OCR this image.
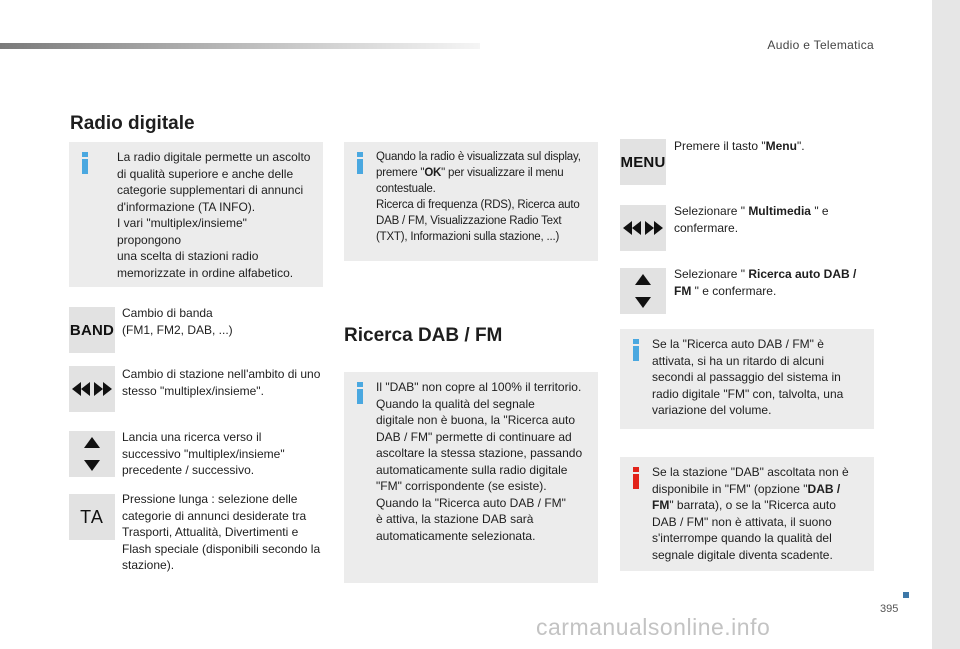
Audio e Telematica
Radio digitale
Ricerca DAB / FM
La radio digitale permette un ascolto
di qualità superiore e anche delle
categorie supplementari di annunci
d'informazione (TA INFO).
I vari "multiplex/insieme" propongono
una scelta di stazioni radio
memorizzate in ordine alfabetico.
Quando la radio è visualizzata sul display,
premere "OK" per visualizzare il menu
contestuale.
Ricerca di frequenza (RDS), Ricerca auto
DAB / FM, Visualizzazione Radio Text
(TXT), Informazioni sulla stazione, ...)
Il "DAB" non copre al 100% il territorio.
Quando la qualità del segnale
digitale non è buona, la "Ricerca auto
DAB / FM" permette di continuare ad
ascoltare la stessa stazione, passando
automaticamente sulla radio digitale
"FM" corrispondente (se esiste).
Quando la "Ricerca auto DAB / FM"
è attiva, la stazione DAB sarà
automaticamente selezionata.
Se la "Ricerca auto DAB / FM" è
attivata, si ha un ritardo di alcuni
secondi al passaggio del sistema in
radio digitale "FM" con, talvolta, una
variazione del volume.
Se la stazione "DAB" ascoltata non è
disponibile in "FM" (opzione "DAB /
FM" barrata), o se la "Ricerca auto
DAB / FM" non è attivata, il suono
s'interrompe quando la qualità del
segnale digitale diventa scadente.
BAND
Cambio di banda
(FM1, FM2, DAB, ...)
Cambio di stazione nell'ambito di uno
stesso "multiplex/insieme".
Lancia una ricerca verso il
successivo "multiplex/insieme"
precedente / successivo.
TA
Pressione lunga : selezione delle
categorie di annunci desiderate tra
Trasporti, Attualità, Divertimenti e
Flash speciale (disponibili secondo la
stazione).
MENU
Premere il tasto "Menu".
Selezionare " Multimedia " e
confermare.
Selezionare " Ricerca auto DAB /
FM " e confermare.
395
carmanualsonline.info
